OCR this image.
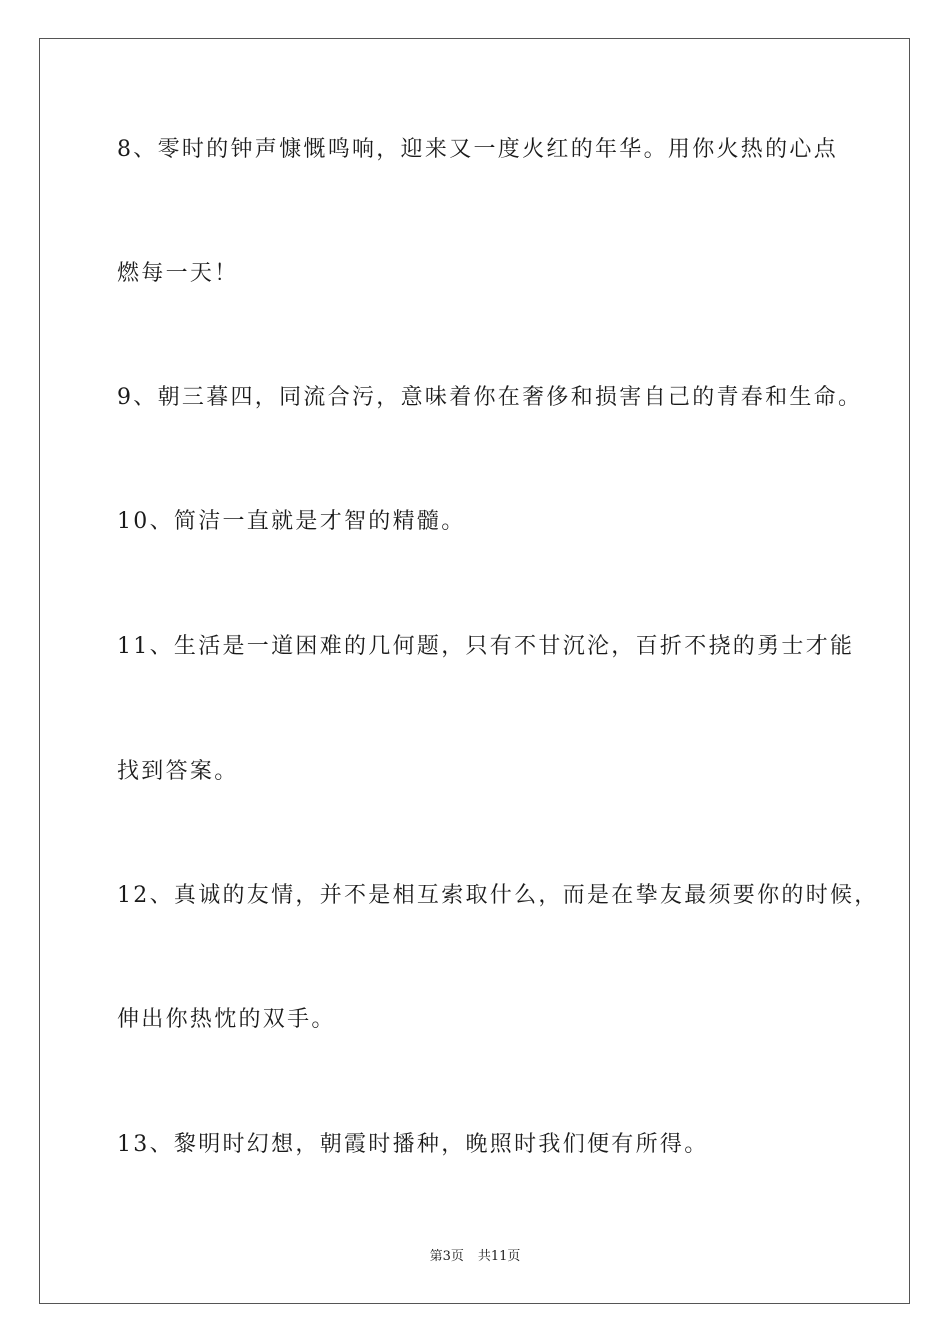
8、零时的钟声慷慨鸣响，迎来又一度火红的年华。用你火热的心点
燃每一天！
9、朝三暮四，同流合污，意味着你在奢侈和损害自己的青春和生命。
10、简洁一直就是才智的精髓。
11、生活是一道困难的几何题，只有不甘沉沦，百折不挠的勇士才能
找到答案。
12、真诚的友情，并不是相互索取什么，而是在挚友最须要你的时候，
伸出你热忱的双手。
13、黎明时幻想，朝霞时播种，晚照时我们便有所得。
第3页 共11页
